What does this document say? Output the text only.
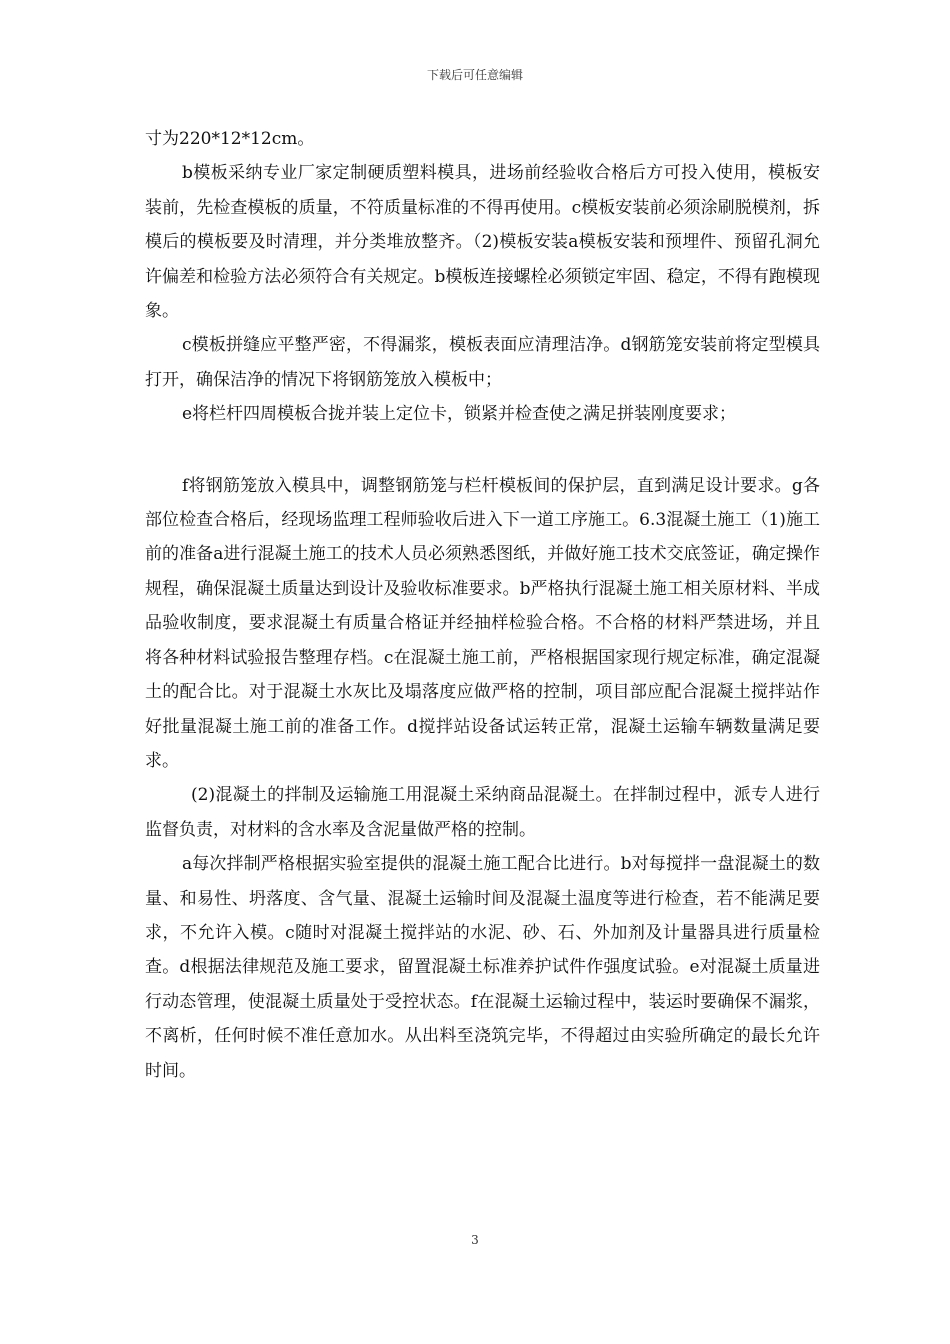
下载后可任意编辑

寸为220*12*12cm。

b模板采纳专业厂家定制硬质塑料模具，进场前经验收合格后方可投入使用，模板安装前，先检查模板的质量，不符质量标准的不得再使用。c模板安装前必须涂刷脱模剂，拆模后的模板要及时清理，并分类堆放整齐。（2)模板安装a模板安装和预埋件、预留孔洞允许偏差和检验方法必须符合有关规定。b模板连接螺栓必须锁定牢固、稳定，不得有跑模现象。

c模板拼缝应平整严密，不得漏浆，模板表面应清理洁净。d钢筋笼安装前将定型模具打开，确保洁净的情况下将钢筋笼放入模板中；

e将栏杆四周模板合拢并装上定位卡，锁紧并检查使之满足拼装刚度要求；

f将钢筋笼放入模具中，调整钢筋笼与栏杆模板间的保护层，直到满足设计要求。g各部位检查合格后，经现场监理工程师验收后进入下一道工序施工。6.3混凝土施工（1)施工前的准备a进行混凝土施工的技术人员必须熟悉图纸，并做好施工技术交底签证，确定操作规程，确保混凝土质量达到设计及验收标准要求。b严格执行混凝土施工相关原材料、半成品验收制度，要求混凝土有质量合格证并经抽样检验合格。不合格的材料严禁进场，并且将各种材料试验报告整理存档。c在混凝土施工前，严格根据国家现行规定标准，确定混凝土的配合比。对于混凝土水灰比及塌落度应做严格的控制，项目部应配合混凝土搅拌站作好批量混凝土施工前的准备工作。d搅拌站设备试运转正常，混凝土运输车辆数量满足要求。

(2)混凝土的拌制及运输施工用混凝土采纳商品混凝土。在拌制过程中，派专人进行监督负责，对材料的含水率及含泥量做严格的控制。

a每次拌制严格根据实验室提供的混凝土施工配合比进行。b对每搅拌一盘混凝土的数量、和易性、坍落度、含气量、混凝土运输时间及混凝土温度等进行检查，若不能满足要求，不允许入模。c随时对混凝土搅拌站的水泥、砂、石、外加剂及计量器具进行质量检查。d根据法律规范及施工要求，留置混凝土标准养护试件作强度试验。e对混凝土质量进行动态管理，使混凝土质量处于受控状态。f在混凝土运输过程中，装运时要确保不漏浆，不离析，任何时候不准任意加水。从出料至浇筑完毕，不得超过由实验所确定的最长允许时间。

3
